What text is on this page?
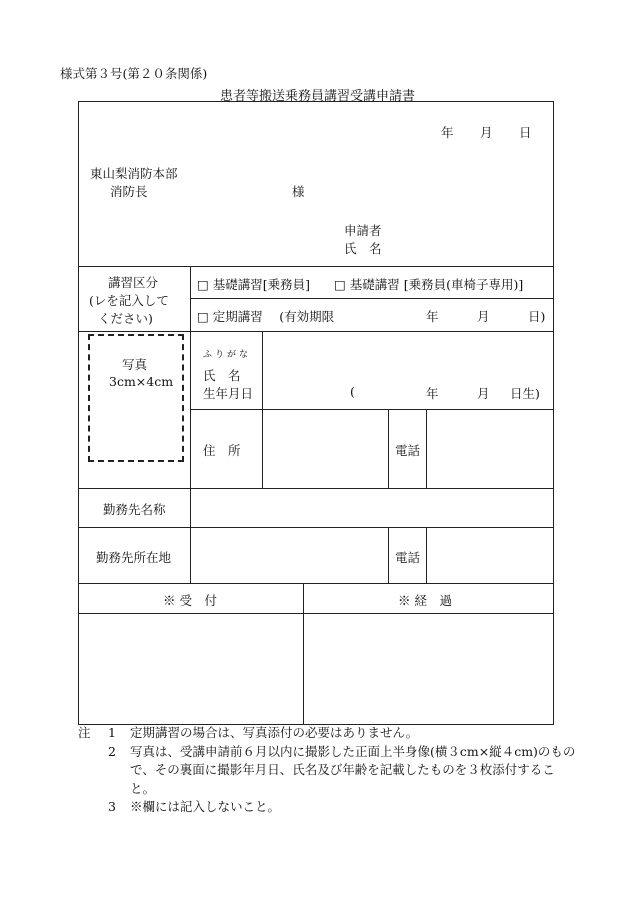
様式第３号(第２０条関係)
患者等搬送乗務員講習受講申請書
年 月 日
東山梨消防本部
消防長	様
申請者
氏　名
講習区分
(レを記入して
ください)
□ 基礎講習[乗務員] □ 基礎講習 [乗務員(車椅子専用)]
□ 定期講習　 (有効期限	年	月	日)
写真
3cm×4cm
ふりがな
氏　名
生年月日	(	年	月 日生)
住　所	電話
勤務先名称
勤務先所在地	電話
※ 受　付	※ 経　過
注 1 定期講習の場合は、写真添付の必要はありません。
2 写真は、受講申請前６月以内に撮影した正面上半身像(横３cm×縦４cm)のもので、その裏面に撮影年月日、氏名及び年齢を記載したものを３枚添付すること。
3 ※欄には記入しないこと。
